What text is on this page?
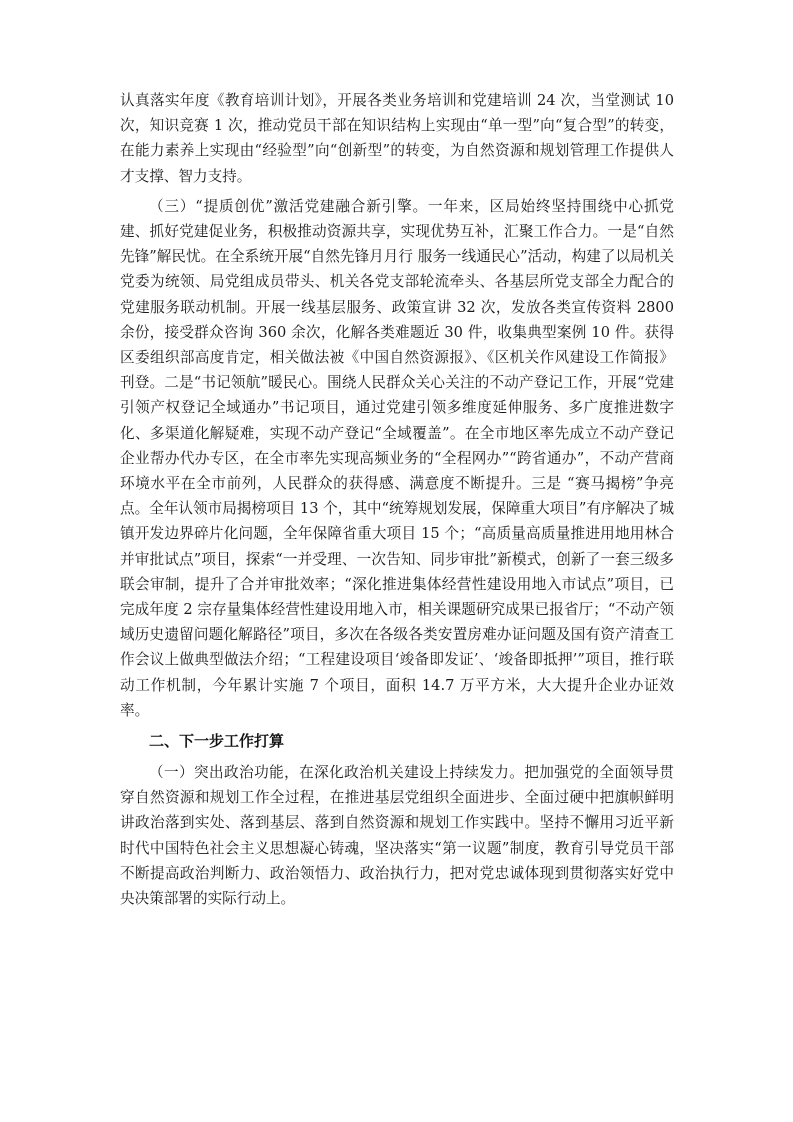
认真落实年度《教育培训计划》，开展各类业务培训和党建培训 24 次，当堂测试 10 次，知识竞赛 1 次，推动党员干部在知识结构上实现由“单一型”向“复合型”的转变，在能力素养上实现由“经验型”向“创新型”的转变，为自然资源和规划管理工作提供人才支撑、智力支持。

（三）“提质创优”激活党建融合新引擎。一年来，区局始终坚持围绕中心抓党建、抓好党建促业务，积极推动资源共享，实现优势互补，汇聚工作合力。一是“自然先锋”解民忧。在全系统开展“自然先锋月月行 服务一线通民心”活动，构建了以局机关党委为统领、局党组成员带头、机关各党支部轮流牵头、各基层所党支部全力配合的党建服务联动机制。开展一线基层服务、政策宣讲 32 次，发放各类宣传资料 2800 余份，接受群众咨询 360 余次，化解各类难题近 30 件，收集典型案例 10 件。获得区委组织部高度肯定，相关做法被《中国自然资源报》、《区机关作风建设工作简报》刊登。二是“书记领航”暖民心。围绕人民群众关心关注的不动产登记工作，开展“党建引领产权登记全域通办”书记项目，通过党建引领多维度延伸服务、多广度推进数字化、多渠道化解疑难，实现不动产登记“全域覆盖”。在全市地区率先成立不动产登记企业帮办代办专区，在全市率先实现高频业务的“全程网办”“跨省通办”，不动产营商环境水平在全市前列，人民群众的获得感、满意度不断提升。三是 “赛马揭榜”争亮点。全年认领市局揭榜项目 13 个，其中“统筹规划发展，保障重大项目”有序解决了城镇开发边界碎片化问题，全年保障省重大项目 15 个；“高质量高质量推进用地用林合并审批试点”项目，探索“一并受理、一次告知、同步审批”新模式，创新了一套三级多联会审制，提升了合并审批效率；“深化推进集体经营性建设用地入市试点”项目，已完成年度 2 宗存量集体经营性建设用地入市，相关课题研究成果已报省厅；“不动产领域历史遗留问题化解路径”项目，多次在各级各类安置房难办证问题及国有资产清查工作会议上做典型做法介绍；“工程建设项目‘竣备即发证’、‘竣备即抵押’”项目，推行联动工作机制，今年累计实施 7 个项目，面积 14.7 万平方米，大大提升企业办证效率。

二、下一步工作打算

（一）突出政治功能，在深化政治机关建设上持续发力。把加强党的全面领导贯穿自然资源和规划工作全过程，在推进基层党组织全面进步、全面过硬中把旗帜鲜明讲政治落到实处、落到基层、落到自然资源和规划工作实践中。坚持不懈用习近平新时代中国特色社会主义思想凝心铸魂，坚决落实“第一议题”制度，教育引导党员干部不断提高政治判断力、政治领悟力、政治执行力，把对党忠诚体现到贯彻落实好党中央决策部署的实际行动上。
